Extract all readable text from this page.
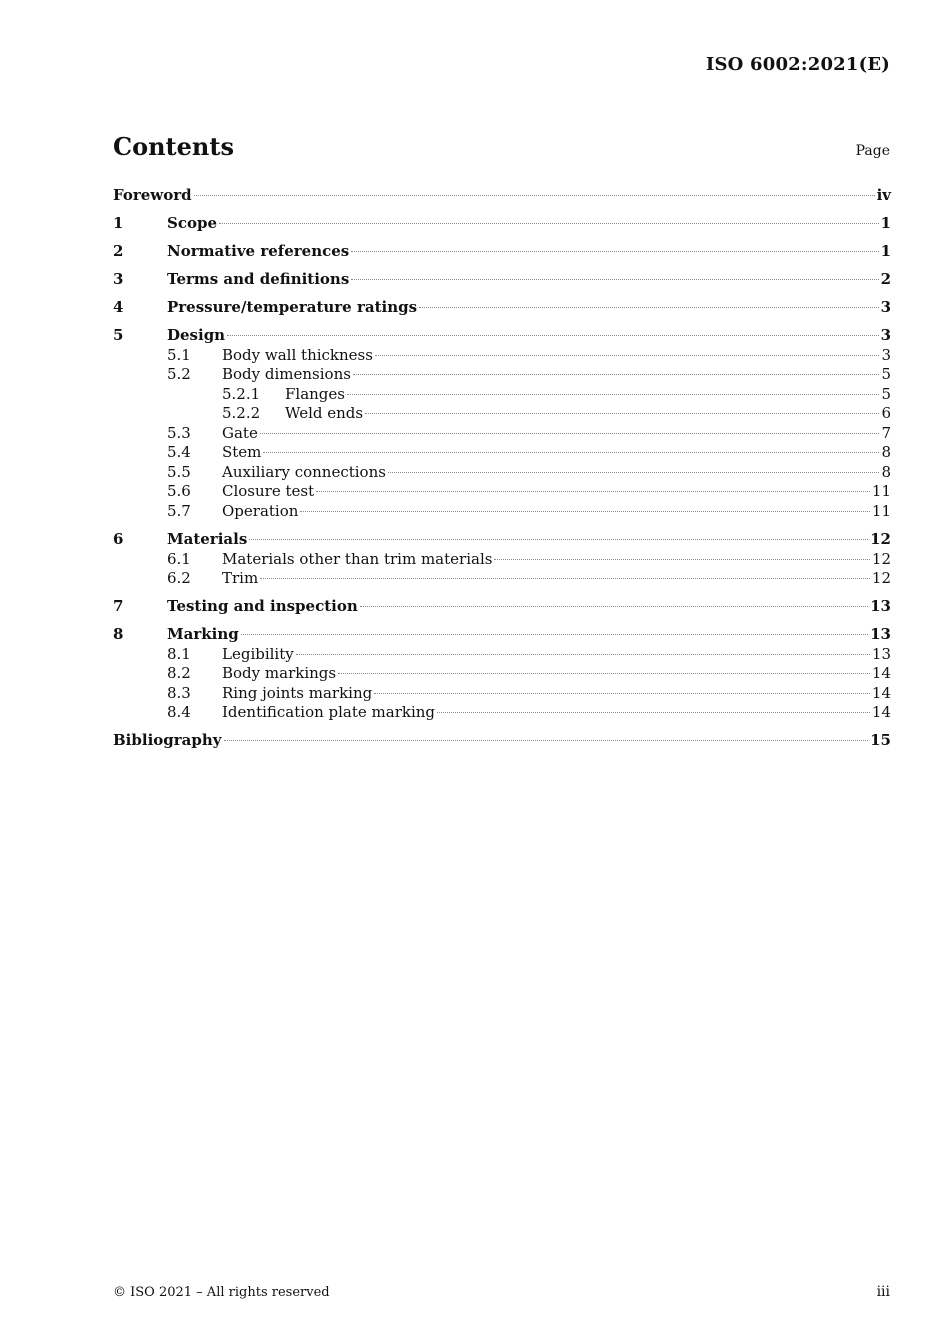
ISO 6002:2021(E)
Contents	Page
Foreword	iv
1	Scope	1
2	Normative references	1
3	Terms and definitions	2
4	Pressure/temperature ratings	3
5	Design	3
5.1	Body wall thickness	3
5.2	Body dimensions	5
5.2.1	Flanges	5
5.2.2	Weld ends	6
5.3	Gate	7
5.4	Stem	8
5.5	Auxiliary connections	8
5.6	Closure test	11
5.7	Operation	11
6	Materials	12
6.1	Materials other than trim materials	12
6.2	Trim	12
7	Testing and inspection	13
8	Marking	13
8.1	Legibility	13
8.2	Body markings	14
8.3	Ring joints marking	14
8.4	Identification plate marking	14
Bibliography	15
© ISO 2021 – All rights reserved	iii
